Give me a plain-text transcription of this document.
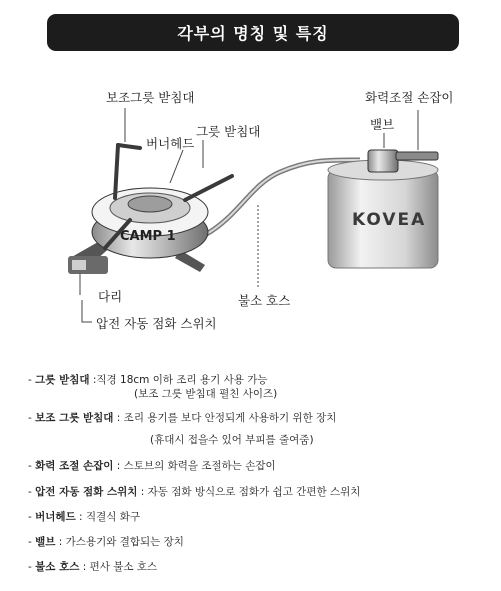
각부의 명칭 및 특징
CAMP 1
KOVEA
보조그릇 받침대
버너헤드
그릇 받침대
화력조절 손잡이
밸브
다리
압전 자동 점화 스위치
불소 호스
- 그릇 받침대 :직경 18cm 이하 조리 용기 사용 가능
(보조 그릇 받침대 펼친 사이즈)
- 보조 그릇 받침대 : 조리 용기를 보다 안정되게 사용하기 위한 장치
(휴대시 접을수 있어 부피를 줄여줌)
- 화력 조절 손잡이 : 스토브의 화력을 조절하는 손잡이
- 압전 자동 점화 스위치 : 자동 점화 방식으로 점화가 쉽고 간편한 스위치
- 버너헤드 : 직결식 화구
- 밸브 : 가스용기와 결합되는 장치
- 불소 호스 : 편사 불소 호스
